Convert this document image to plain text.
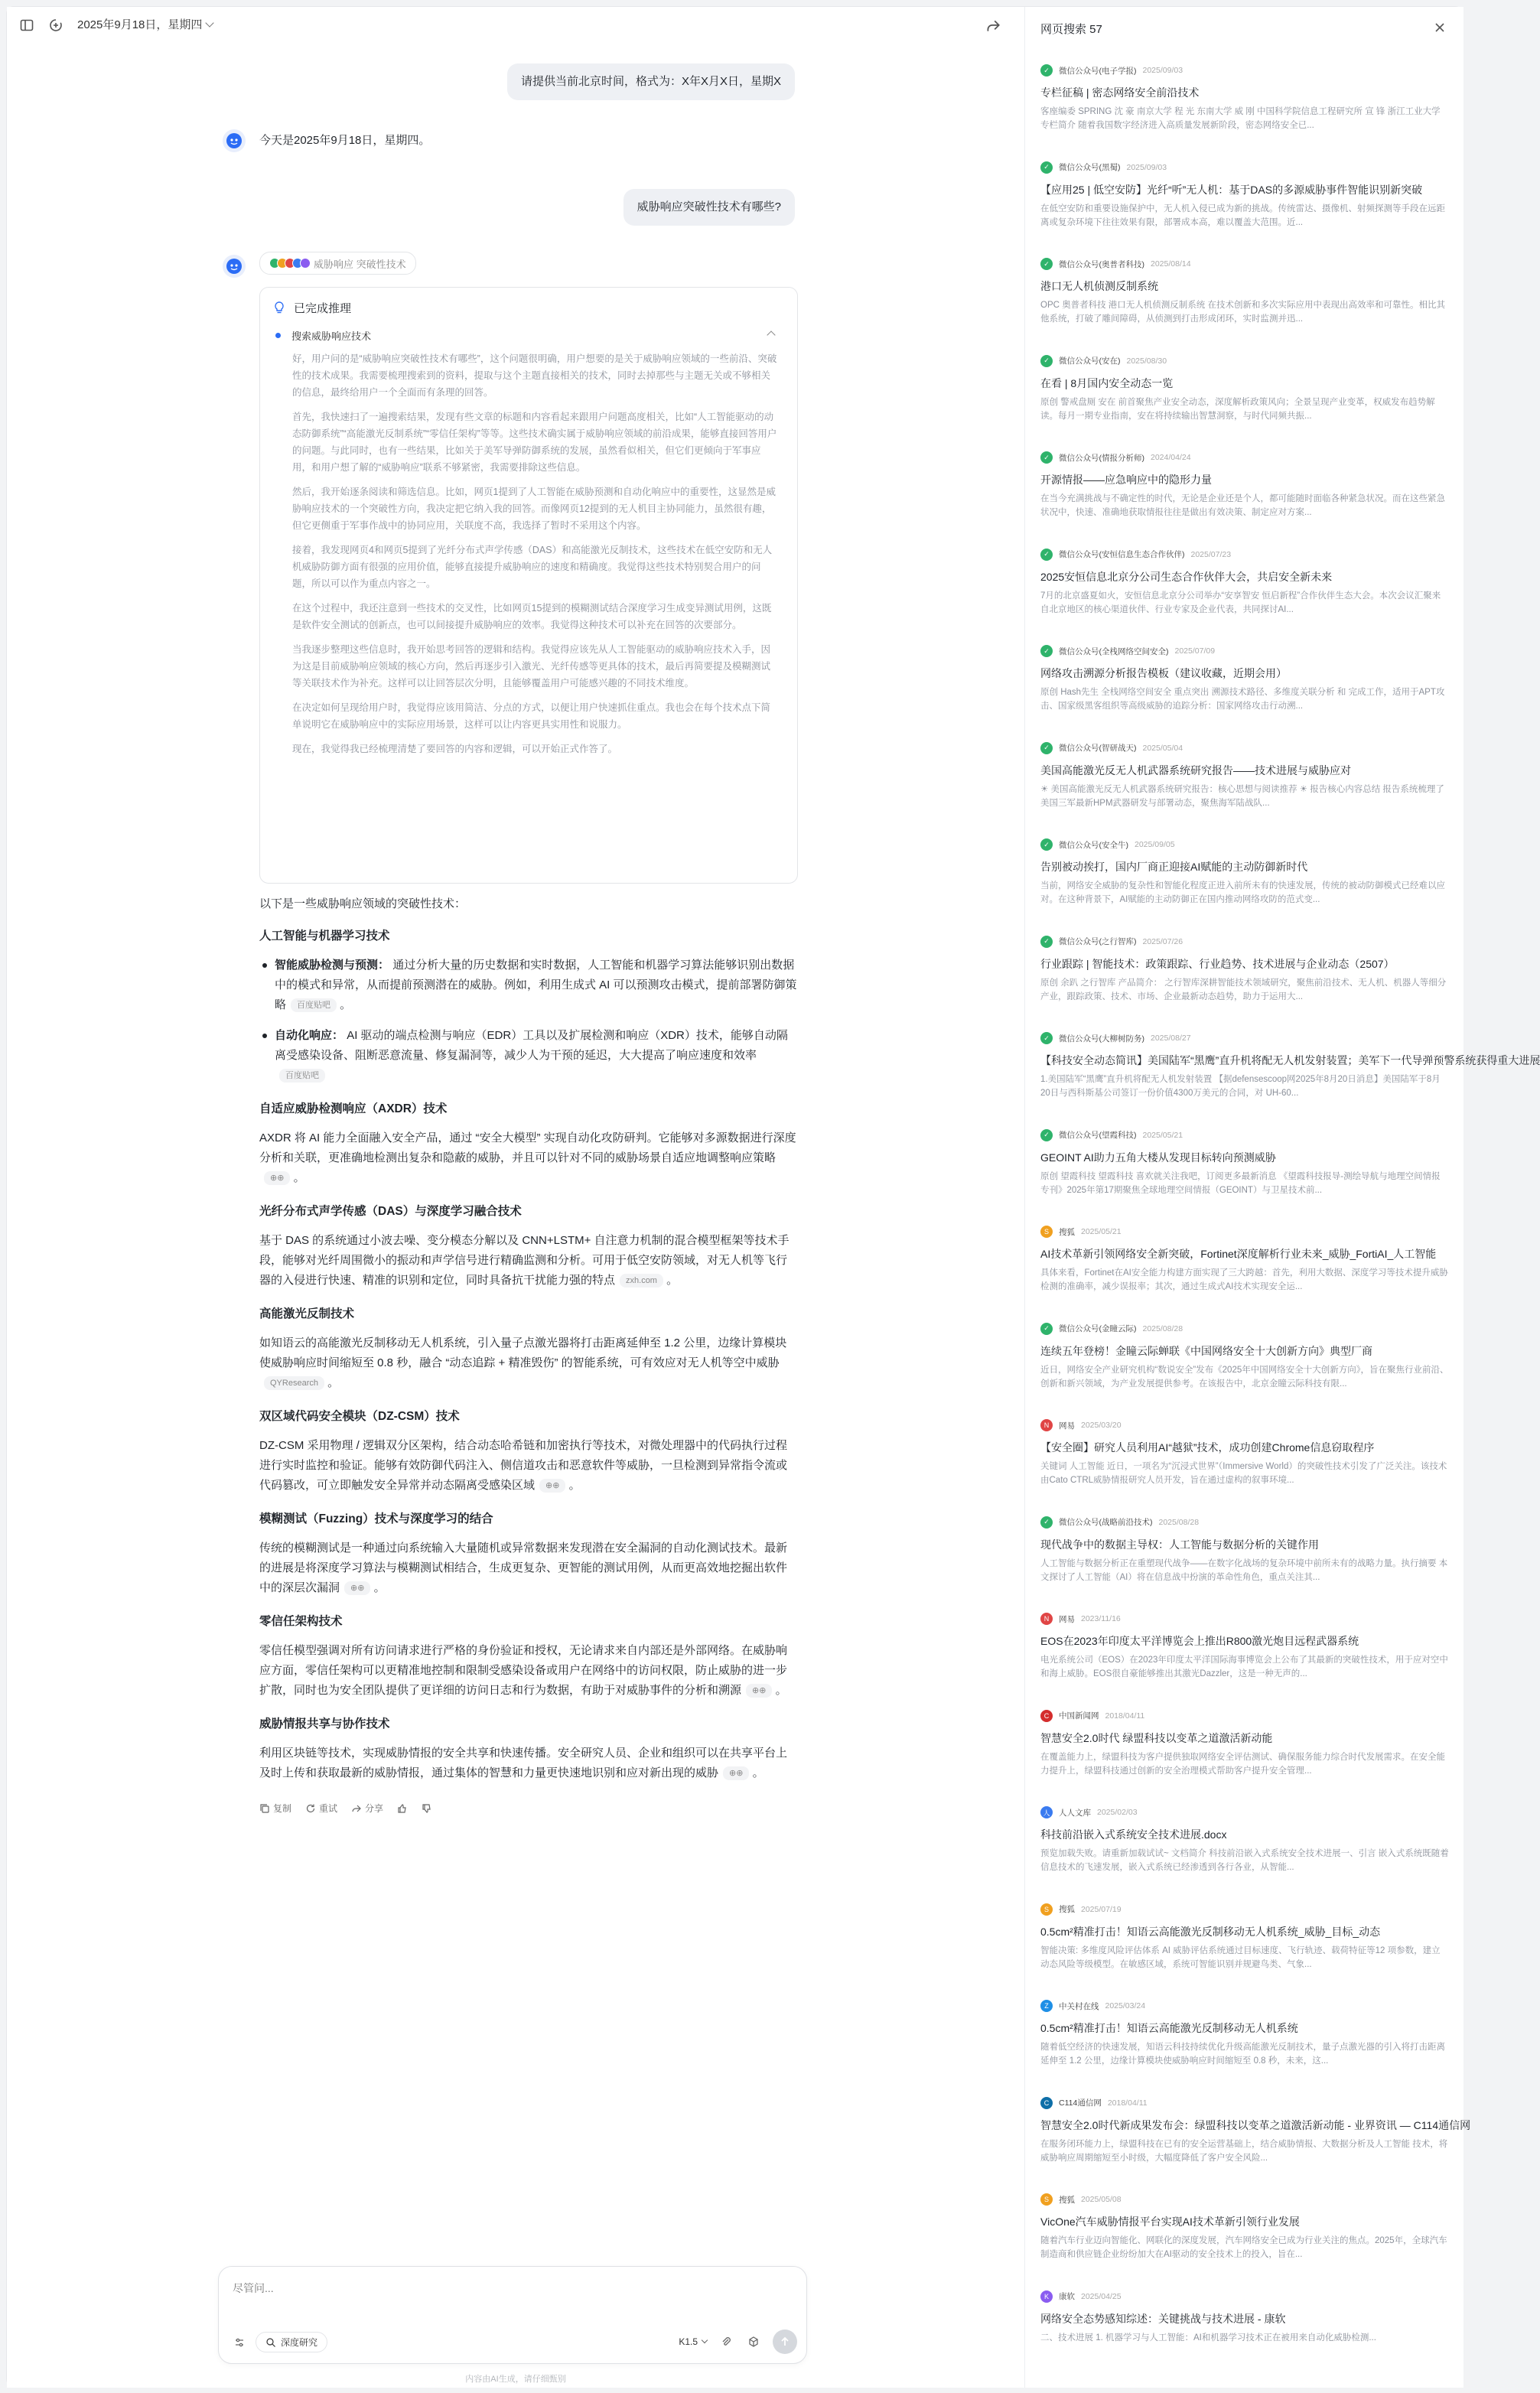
2025年9月18日，星期四
请提供当前北京时间，格式为：X年X月X日，星期X
今天是2025年9月18日，星期四。
威胁响应突破性技术有哪些?
威胁响应 突破性技术
已完成推理
搜索威胁响应技术

好，用户问的是“威胁响应突破性技术有哪些”，这个问题很明确，用户想要的是关于威胁响应领域的一些前沿、突破性的技术成果。我需要梳理搜索到的资料，提取与这个主题直接相关的技术，同时去掉那些与主题无关或不够相关的信息，最终给用户一个全面而有条理的回答。

首先，我快速扫了一遍搜索结果，发现有些文章的标题和内容看起来跟用户问题高度相关，比如“人工智能驱动的动态防御系统”“高能激光反制系统”“零信任架构”等等。这些技术确实属于威胁响应领域的前沿成果，能够直接回答用户的问题。与此同时，也有一些结果，比如关于美军导弹防御系统的发展，虽然看似相关，但它们更倾向于军事应用，和用户想了解的“威胁响应”联系不够紧密，我需要排除这些信息。

然后，我开始逐条阅读和筛选信息。比如，网页1提到了人工智能在威胁预测和自动化响应中的重要性，这显然是威胁响应技术的一个突破性方向，我决定把它纳入我的回答。而像网页12提到的无人机目主协同能力，虽然很有趣，但它更侧重于军事作战中的协同应用，关联度不高，我选择了暂时不采用这个内容。

接着，我发现网页4和网页5提到了光纤分布式声学传感（DAS）和高能激光反制技术，这些技术在低空安防和无人机威胁防御方面有很强的应用价值，能够直接提升威胁响应的速度和精确度。我觉得这些技术特别契合用户的问题，所以可以作为重点内容之一。

在这个过程中，我还注意到一些技术的交叉性，比如网页15提到的模糊测试结合深度学习生成变异测试用例，这既是软件安全测试的创新点，也可以间接提升威胁响应的效率。我觉得这种技术可以补充在回答的次要部分。

当我逐步整理这些信息时，我开始思考回答的逻辑和结构。我觉得应该先从人工智能驱动的威胁响应技术入手，因为这是目前威胁响应领域的核心方向，然后再逐步引入激光、光纤传感等更具体的技术，最后再简要提及模糊测试等关联技术作为补充。这样可以让回答层次分明，且能够覆盖用户可能感兴趣的不同技术维度。

在决定如何呈现给用户时，我觉得应该用简洁、分点的方式，以便让用户快速抓住重点。我也会在每个技术点下简单说明它在威胁响应中的实际应用场景，这样可以让内容更具实用性和说服力。

现在，我觉得我已经梳理清楚了要回答的内容和逻辑，可以开始正式作答了。

以下是一些威胁响应领域的突破性技术：
人工智能与机器学习技术
智能威胁检测与预测： 通过分析大量的历史数据和实时数据，人工智能和机器学习算法能够识别出数据中的模式和异常，从而提前预测潜在的威胁。例如，利用生成式 AI 可以预测攻击模式，提前部署防御策略 百度贴吧 。
自动化响应： AI 驱动的端点检测与响应（EDR）工具以及扩展检测和响应（XDR）技术，能够自动隔离受感染设备、阻断恶意流量、修复漏洞等，减少人为干预的延迟，大大提高了响应速度和效率百度贴吧
自适应威胁检测响应（AXDR）技术
AXDR 将 AI 能力全面融入安全产品，通过 “安全大模型” 实现自动化攻防研判。它能够对多源数据进行深度分析和关联，更准确地检测出复杂和隐蔽的威胁，并且可以针对不同的威胁场景自适应地调整响应策略⊕⊕ 。
光纤分布式声学传感（DAS）与深度学习融合技术
基于 DAS 的系统通过小波去噪、变分模态分解以及 CNN+LSTM+ 自注意力机制的混合模型框架等技术手段，能够对光纤周围微小的振动和声学信号进行精确监测和分析。可用于低空安防领域，对无人机等飞行器的入侵进行快速、精准的识别和定位，同时具备抗干扰能力强的特点 zxh.com 。
高能激光反制技术
如知语云的高能激光反制移动无人机系统，引入量子点激光器将打击距离延伸至 1.2 公里，边缘计算模块使威胁响应时间缩短至 0.8 秒，融合 “动态追踪 + 精准毁伤” 的智能系统，可有效应对无人机等空中威胁QYResearch 。
双区域代码安全模块（DZ-CSM）技术
DZ-CSM 采用物理 / 逻辑双分区架构，结合动态哈希链和加密执行等技术，对微处理器中的代码执行过程进行实时监控和验证。能够有效防御代码注入、侧信道攻击和恶意软件等威胁，一旦检测到异常指令流或代码篡改，可立即触发安全异常并动态隔离受感染区域 ⊕⊕ 。
模糊测试（Fuzzing）技术与深度学习的结合
传统的模糊测试是一种通过向系统输入大量随机或异常数据来发现潜在安全漏洞的自动化测试技术。最新的进展是将深度学习算法与模糊测试相结合，生成更复杂、更智能的测试用例，从而更高效地挖掘出软件中的深层次漏洞 ⊕⊕ 。
零信任架构技术
零信任模型强调对所有访问请求进行严格的身份验证和授权，无论请求来自内部还是外部网络。在威胁响应方面，零信任架构可以更精准地控制和限制受感染设备或用户在网络中的访问权限，防止威胁的进一步扩散，同时也为安全团队提供了更详细的访问日志和行为数据，有助于对威胁事件的分析和溯源 ⊕⊕ 。
威胁情报共享与协作技术
利用区块链等技术，实现威胁情报的安全共享和快速传播。安全研究人员、企业和组织可以在共享平台上及时上传和获取最新的威胁情报，通过集体的智慧和力量更快速地识别和应对新出现的威胁 ⊕⊕ 。
复制	重试	分享
尽管问...
深度研究	K1.5
内容由AI生成，请仔细甄别
网页搜索 57
✓	微信公众号(电子学报) 2025/09/03
专栏征稿 | 密态网络安全前沿技术
客座编委 SPRING 沈 豪 南京大学 程 光 东南大学 威 刚 中国科学院信息工程研究所 宣 锋 浙江工业大学 专栏简介 随着我国数字经济进入高质量发展新阶段，密态网络安全已...
✓	微信公众号(黑蜀) 2025/09/03
【应用25 | 低空安防】光纤“听”无人机：基于DAS的多源威胁事件智能识别新突破
在低空安防和重要设施保护中，无人机入侵已成为新的挑战。传统雷达、摄像机、射频探测等手段在远距离或复杂环境下往往效果有限，部署成本高，难以覆盖大范围。近...
✓	微信公众号(奥普者科技) 2025/08/14
港口无人机侦测反制系统
OPC 奥普者科技 港口无人机侦测反制系统 在技术创新和多次实际应用中表现出高效率和可靠性。相比其他系统，打破了雕间障碍，从侦测到打击形成闭环，实时监测并迅...
✓	微信公众号(安在) 2025/08/30
在看 | 8月国内安全动态一览
原创 警戒盘厕 安在 前首聚焦产业安全动态，深度解析政策风向；全景呈现产业变革，权威发布趋势解读。每月一期专业指南，安在将持续输出智慧洞察，与时代同频共振...
✓	微信公众号(情报分析师) 2024/04/24
开源情报——应急响应中的隐形力量
在当今充满挑战与不确定性的时代，无论是企业还是个人，都可能随时面临各种紧急状况。而在这些紧急状况中，快速、准确地获取情报往往是做出有效决策、制定应对方案...
✓	微信公众号(安恒信息生态合作伙伴) 2025/07/23
2025安恒信息北京分公司生态合作伙伴大会，共启安全新未来
7月的北京盛夏如火，安恒信息北京分公司举办“安享智安 恒启新程”合作伙伴生态大会。本次会议汇聚来自北京地区的核心渠道伙伴、行业专家及企业代表，共同探讨AI...
✓	微信公众号(全栈网络空间安全) 2025/07/09
网络攻击溯源分析报告模板（建议收藏，近期会用）
原创 Hash先生 全栈网络空间安全 重点突出 溯源技术路径、多维度关联分析 和 完成工作，适用于APT攻击、国家级黑客组织等高级威胁的追踪分析：国家网络攻击行动溯...
✓	微信公众号(智研战天) 2025/05/04
美国高能激光反无人机武器系统研究报告——技术进展与威胁应对
☀ 美国高能激光反无人机武器系统研究报告：核心思想与阅读推荐 ☀ 报告核心内容总结 报告系统梳理了美国三军最新HPM武器研发与部署动态，聚焦海军陆战队...
✓	微信公众号(安全牛) 2025/09/05
告别被动挨打，国内厂商正迎接AI赋能的主动防御新时代
当前，网络安全威胁的复杂性和智能化程度正进入前所未有的快速发展，传统的被动防御模式已经难以应对。在这种背景下，AI赋能的主动防御正在国内推动网络攻防的范式变...
✓	微信公众号(之行智库) 2025/07/26
行业跟踪 | 智能技术：政策跟踪、行业趋势、技术进展与企业动态（2507）
原创 余趴 之行智库 产品简介： 之行智库深耕智能技术领域研究，聚焦前沿技术、无人机、机器人等细分产业，跟踪政策、技术、市场、企业最新动态趋势，助力于运用大...
✓	微信公众号(大柳树防务) 2025/08/27
【科技安全动态简讯】美国陆军“黑鹰”直升机将配无人机发射装置；美军下一代导弹预警系统获得重大进展
1.美国陆军“黑鹰”直升机将配无人机发射装置 【据defensescoop网2025年8月20日消息】美国陆军于8月20日与西科斯基公司签订一份价值4300万美元的合同，对 UH-60...
✓	微信公众号(望霞科技) 2025/05/21
GEOINT AI助力五角大楼从发现目标转向预测威胁
原创 望霞科技 望霞科技 喜欢就关注我吧，订阅更多最新消息 《望霞科技报导-测绘导航与地理空间情报专刊》2025年第17期聚焦全球地理空间情报（GEOINT）与卫星技术前...
S	搜狐 2025/05/21
AI技术革新引领网络安全新突破，Fortinet深度解析行业未来_威胁_FortiAI_人工智能
具体来看，Fortinet在AI安全能力构建方面实现了三大跨越：首先，利用大数据、深度学习等技术提升威胁检测的准确率，减少误报率；其次，通过生成式AI技术实现安全运...
✓	微信公众号(金瞳云际) 2025/08/28
连续五年登榜！金瞳云际蝉联《中国网络安全十大创新方向》典型厂商
近日，网络安全产业研究机构“数说安全”发布《2025年中国网络安全十大创新方向》，旨在聚焦行业前沿、创新和新兴领域，为产业发展提供参考。在该报告中，北京金瞳云际科技有限...
N	网易 2025/03/20
【安全圈】研究人员利用AI“越狱”技术，成功创建Chrome信息窃取程序
关键词 人工智能 近日，一项名为“沉浸式世界”（Immersive World）的突破性技术引发了广泛关注。该技术由Cato CTRL威胁情报研究人员开发，旨在通过虚构的叙事环境...
✓	微信公众号(战略前沿技术) 2025/08/28
现代战争中的数据主导权：人工智能与数据分析的关键作用
人工智能与数据分析正在重塑现代战争——在数字化战场的复杂环境中前所未有的战略力量。执行摘要 本文探讨了人工智能（AI）将在信息战中扮演的革命性角色，重点关注其...
N	网易 2023/11/16
EOS在2023年印度太平洋博览会上推出R800激光炮目远程武器系统
电光系统公司（EOS）在2023年印度太平洋国际海事博览会上公布了其最新的突破性技术，用于应对空中和海上威胁。EOS很自豪能够推出其激光Dazzler，这是一种无声的...
C	中国新闻网 2018/04/11
智慧安全2.0时代 绿盟科技以变革之道激活新动能
在覆盖能力上，绿盟科技为客户提供独取网络安全评估测试、确保服务能力综合时代发展需求。在安全能力提升上，绿盟科技通过创新的安全治理模式帮助客户提升安全管理...
人	人人文库 2025/02/03
科技前沿嵌入式系统安全技术进展.docx
预览加载失败。请重新加载试试~ 文档简介 科技前沿嵌入式系统安全技术进展一、引言 嵌入式系统既随着信息技术的飞速发展，嵌入式系统已经渗透到各行各业，从智能...
S	搜狐 2025/07/19
0.5cm²精准打击！知语云高能激光反制移动无人机系统_威胁_目标_动态
智能决策: 多维度风险评估体系 AI 威胁评估系统通过目标速度、飞行轨迹、载荷特征等12 项参数，建立动态风险等级模型。在敏感区域，系统可智能识别并规避鸟类、气象...
Z	中关村在线 2025/03/24
0.5cm²精准打击！知语云高能激光反制移动无人机系统
随着低空经济的快速发展，知语云科技持续优化升级高能激光反制技术，量子点激光器的引入将打击距离延伸至 1.2 公里，边缘计算模块使威胁响应时间缩短至 0.8 秒，未来，这...
C	C114通信网 2018/04/11
智慧安全2.0时代新成果发布会：绿盟科技以变革之道激活新动能 - 业界资讯 — C114通信网
在服务闭环能力上，绿盟科技在已有的安全运营基础上，结合威胁情报、大数据分析及人工智能 技术，将威胁响应周期缩短至小时级，大幅度降低了客户安全风险...
S	搜狐 2025/05/08
VicOne汽车威胁情报平台实现AI技术革新引领行业发展
随着汽车行业迈向智能化、网联化的深度发展，汽车网络安全已成为行业关注的焦点。2025年，全球汽车制造商和供应链企业纷纷加大在AI驱动的安全技术上的投入，旨在...
K	康软 2025/04/25
网络安全态势感知综述：关键挑战与技术进展 - 康软
二、技术进展 1. 机器学习与人工智能：AI和机器学习技术正在被用来自动化威胁检测...
